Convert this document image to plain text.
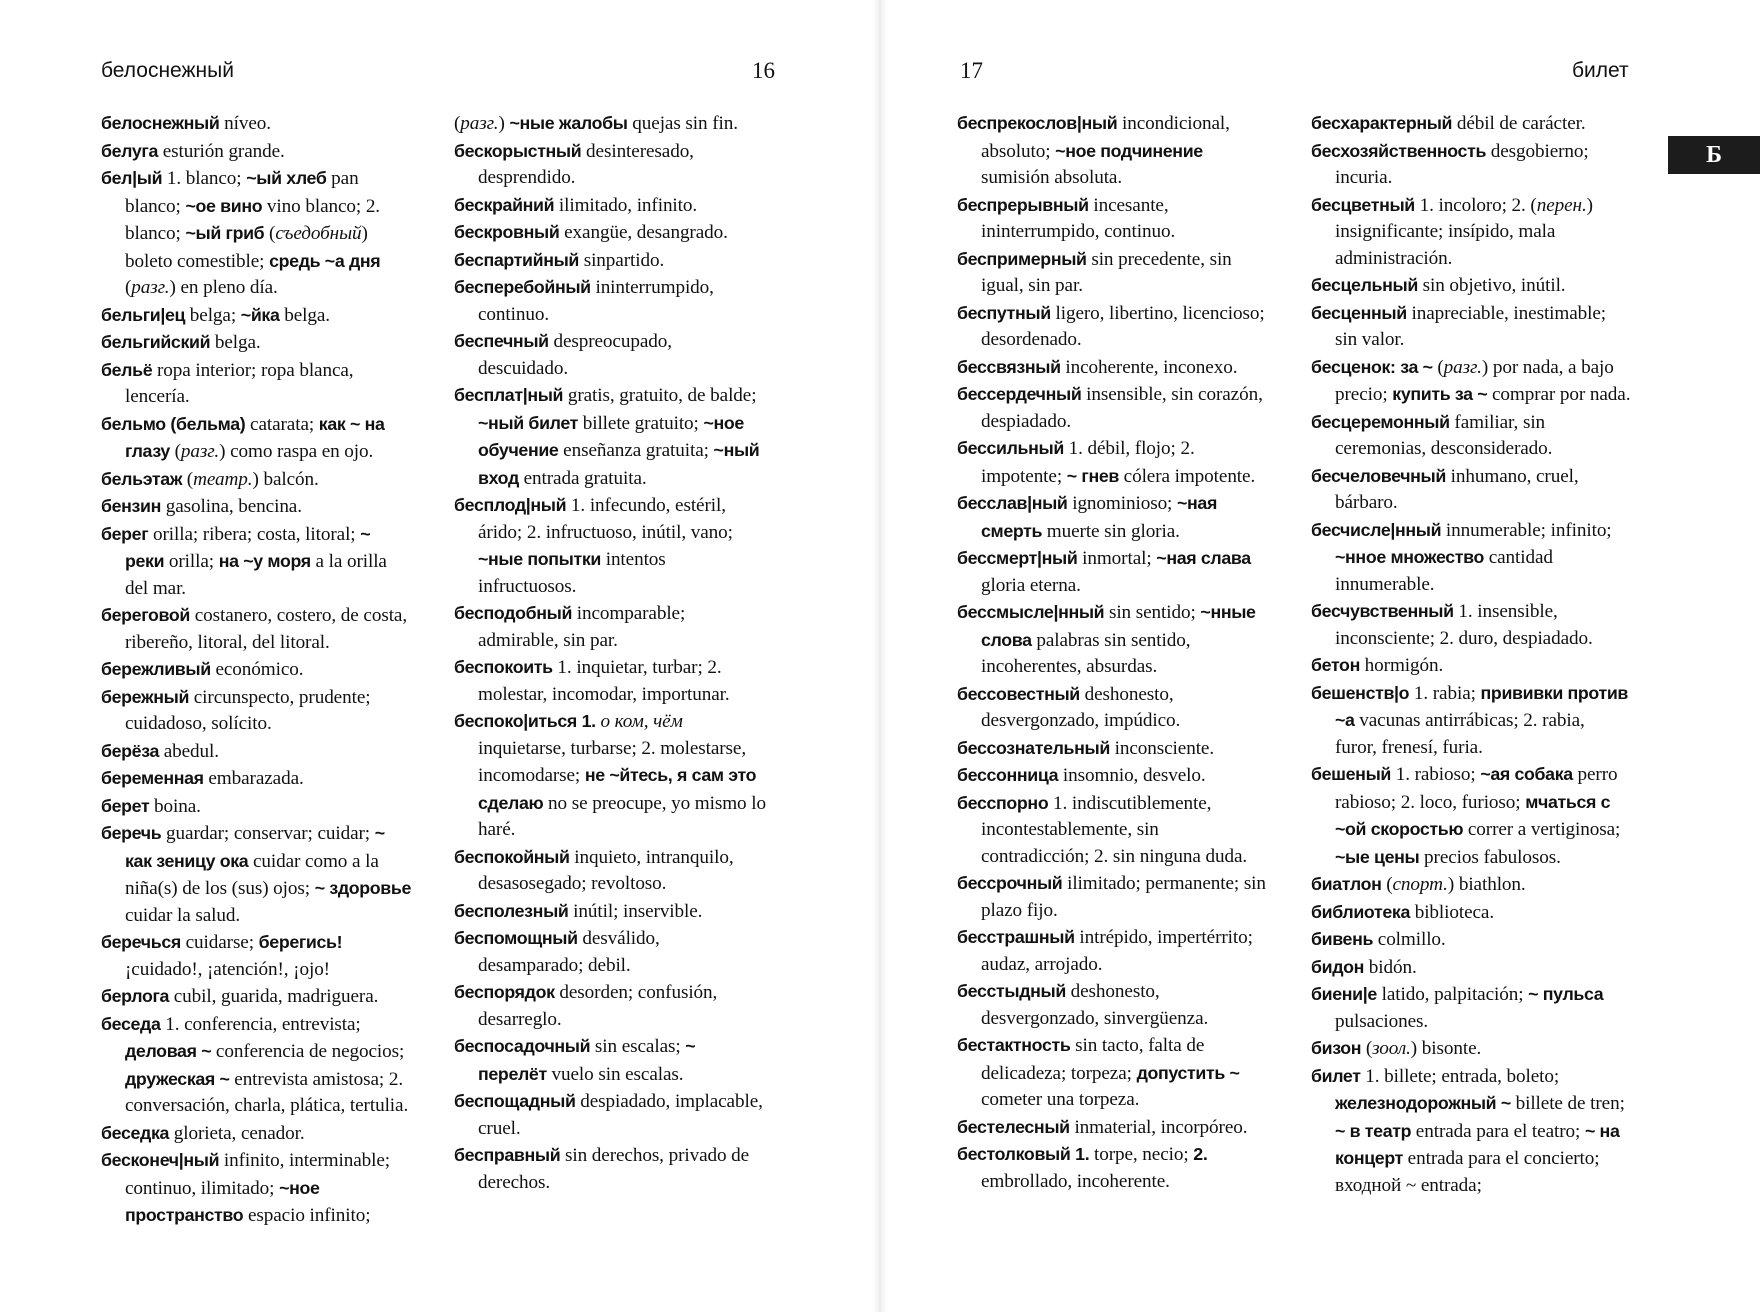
белоснежный	16

белоснежный níveo.

белуга esturión grande.

бел|ый 1. blanco; ~ый хлеб pan blanco; ~ое вино vino blanco; 2. blanco; ~ый гриб (съедобный) boleto comestible; средь ~а дня (разг.) en pleno día.

бельги|ец belga; ~йка belga.

бельгийский belga.

бельё ropa interior; ropa blanca, lencería.

бельмо (бельма) catarata; как ~ на глазу (разг.) como raspa en ojo.

бельэтаж (театр.) balcón.

бензин gasolina, bencina.

берег orilla; ribera; costa, litoral; ~ реки orilla; на ~у моря a la orilla del mar.

береговой costanero, costero, de costa, ribereño, litoral, del litoral.

бережливый económico.

бережный circunspecto, prudente; cuidadoso, solícito.

берёза abedul.

беременная embarazada.

берет boina.

беречь guardar; conservar; cuidar; ~ как зеницу ока cuidar como a la niña(s) de los (sus) ojos; ~ здоровье cuidar la salud.

беречься cuidarse; берегись! ¡cuidado!, ¡atención!, ¡ojo!

берлога cubil, guarida, madriguera.

беседа 1. conferencia, entrevista; деловая ~ conferencia de negocios; дружеская ~ entrevista amistosa; 2. conversación, charla, plática, tertulia.

беседка glorieta, cenador.

бесконеч|ный infinito, interminable; continuo, ilimitado; ~ное пространство espacio infinito;

(разг.) ~ные жалобы quejas sin fin.

бескорыстный desinteresado, desprendido.

бескрайний ilimitado, infinito.

бескровный exangüe, desangrado.

беспартийный sinpartido.

бесперебойный ininterrumpido, continuo.

беспечный despreocupado, descuidado.

бесплат|ный gratis, gratuito, de balde; ~ный билет billete gratuito; ~ное обучение enseñanza gratuita; ~ный вход entrada gratuita.

бесплод|ный 1. infecundo, estéril, árido; 2. infructuoso, inútil, vano; ~ные попытки intentos infructuosos.

бесподобный incomparable; admirable, sin par.

беспокоить 1. inquietar, turbar; 2. molestar, incomodar, importunar.

беспоко|иться 1. о ком, чём inquietarse, turbarse; 2. molestarse, incomodarse; не ~йтесь, я сам это сделаю no se preocupe, yo mismo lo haré.

беспокойный inquieto, intranquilo, desasosegado; revoltoso.

бесполезный inútil; inservible.

беспомощный desválido, desamparado; debil.

беспорядок desorden; confusión, desarreglo.

беспосадочный sin escalas; ~ перелёт vuelo sin escalas.

беспощадный despiadado, implacable, cruel.

бесправный sin derechos, privado de derechos.

17	билет

беспрекослов|ный incondicional, absoluto; ~ное подчинение sumisión absoluta.

беспрерывный incesante, ininterrumpido, continuo.

беспримерный sin precedente, sin igual, sin par.

беспутный ligero, libertino, licencioso; desordenado.

бессвязный incoherente, inconexo.

бессердечный insensible, sin corazón, despiadado.

бессильный 1. débil, flojo; 2. impotente; ~ гнев cólera impotente.

бесслав|ный ignominioso; ~ная смерть muerte sin gloria.

бессмерт|ный inmortal; ~ная слава gloria eterna.

бессмысле|нный sin sentido; ~нные слова palabras sin sentido, incoherentes, absurdas.

бессовестный deshonesto, desvergonzado, impúdico.

бессознательный inconsciente.

бессонница insomnio, desvelo.

бесспорно 1. indiscutiblemente, incontestablemente, sin contradicción; 2. sin ninguna duda.

бессрочный ilimitado; permanente; sin plazo fijo.

бесстрашный intrépido, impertérrito; audaz, arrojado.

бесстыдный deshonesto, desvergonzado, sinvergüenza.

бестактность sin tacto, falta de delicadeza; torpeza; допустить ~ cometer una torpeza.

бестелесный inmaterial, incorpóreo.

бестолковый 1. torpe, necio; 2. embrollado, incoherente.

бесхарактерный débil de carácter.

бесхозяйственность desgobierno; incuria.

бесцветный 1. incoloro; 2. (перен.) insignificante; insípido, mala administración.

бесцельный sin objetivo, inútil.

бесценный inapreciable, inestimable; sin valor.

бесценок: за ~ (разг.) por nada, a bajo precio; купить за ~ comprar por nada.

бесцеремонный familiar, sin ceremonias, desconsiderado.

бесчеловечный inhumano, cruel, bárbaro.

бесчисле|нный innumerable; infinito; ~нное множество cantidad innumerable.

бесчувственный 1. insensible, inconsciente; 2. duro, despiadado.

бетон hormigón.

бешенств|о 1. rabia; прививки против ~а vacunas antirrábicas; 2. rabia, furor, frenesí, furia.

бешеный 1. rabioso; ~ая собака perro rabioso; 2. loco, furioso; мчаться с ~ой скоростью correr a vertiginosa; ~ые цены precios fabulosos.

биатлон (спорт.) biathlon.

библиотека biblioteca.

бивень colmillo.

бидон bidón.

биени|е latido, palpitación; ~ пульса pulsaciones.

бизон (зоол.) bisonte.

билет 1. billete; entrada, boleto; железнодорожный ~ billete de tren; ~ в театр entrada para el teatro; ~ на концерт entrada para el concierto; входной ~ entrada;

Б
